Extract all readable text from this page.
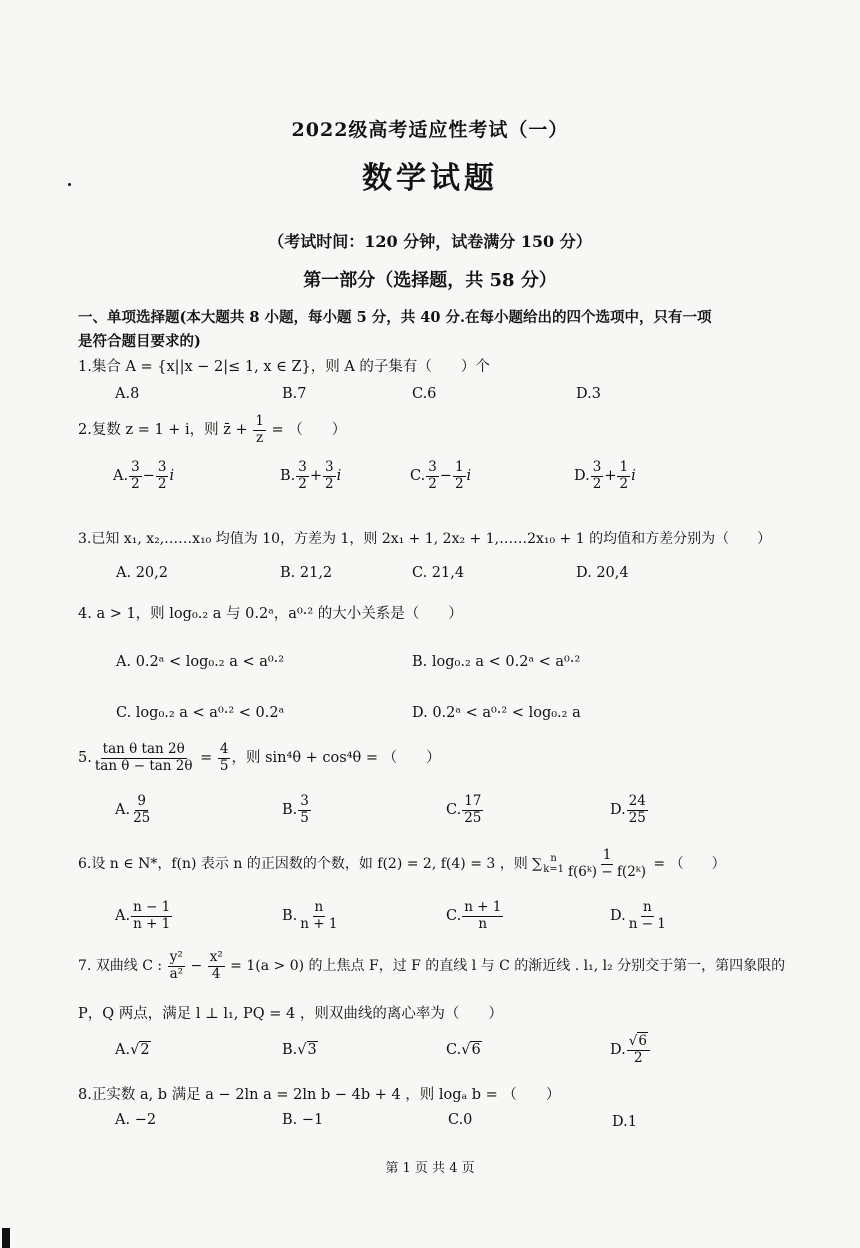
2022级高考适应性考试（一）
数学试题
（考试时间：120 分钟，试卷满分 150 分）
第一部分（选择题，共 58 分）
一、单项选择题(本大题共 8 小题，每小题 5 分，共 40 分.在每小题给出的四个选项中，只有一项
是符合题目要求的)
1.集合 A = {x||x − 2|≤ 1, x ∈ Z}，则 A 的子集有（　　）个
A.8	B.7	C.6	D.3
2.复数 z = 1 + i，则 z̄ + $\frac{1}{z}$ = （　　）
A. $\frac{3}{2} - \frac{3}{2}$ i	B. $\frac{3}{2} + \frac{3}{2}$ i	C. $\frac{3}{2} - \frac{1}{2}$ i	D. $\frac{3}{2} + \frac{1}{2}$ i
3.已知 x₁, x₂,……x₁₀ 均值为 10，方差为 1，则 2x₁ + 1, 2x₂ + 1,……2x₁₀ + 1 的均值和方差分别为（　　）
A. 20,2	B. 21,2	C. 21,4	D. 20,4
4. a > 1，则 log₀.₂ a 与 0.2ᵃ，a⁰·² 的大小关系是（　　）
A. 0.2ᵃ < log₀.₂ a < a⁰·²	B. log₀.₂ a < 0.2ᵃ < a⁰·²
C. log₀.₂ a < a⁰·² < 0.2ᵃ	D. 0.2ᵃ < a⁰·² < log₀.₂ a
5. $\frac{\text{tan θ tan 2θ}}{\text{tan θ − tan 2θ}} = \frac{4}{5}$ ，则 sin⁴θ + cos⁴θ = （　　）
A. $\frac{9}{25}$	B. $\frac{3}{5}$	C. $\frac{17}{25}$	D. $\frac{24}{25}$
6.设 n ∈ N*，f(n) 表示 n 的正因数的个数，如 f(2) = 2, f(4) = 3 ，则 ∑ n
$k=1 \frac{1}{\text{f(6ᵏ) − f(2ᵏ)}}$ = （　　）
A. $\frac{n - 1}{n + 1}$	B. $\frac{n}{n + 1}$	C. $\frac{n + 1}{n}$	D. $\frac{n}{n - 1}$
7. 双曲线 C : $\frac{\text{y²}}{\text{a²}} - \frac{\text{x²}}{4} = 1(a > 0)$ 的上焦点 F，过 F 的直线 l 与 C 的渐近线 . l₁, l₂ 分别交于第一，第四象限的
P，Q 两点，满足 l ⊥ l₁, PQ = 4 ，则双曲线的离心率为（　　）
A.√2	B.√3	C.√6	D. $\frac{√6}{2}$
8.正实数 a, b 满足 a − 2ln a = 2ln b − 4b + 4 ，则 logₐ b = （　　）
A. −2	B. −1	C.0	D.1
第 1 页 共 4 页
